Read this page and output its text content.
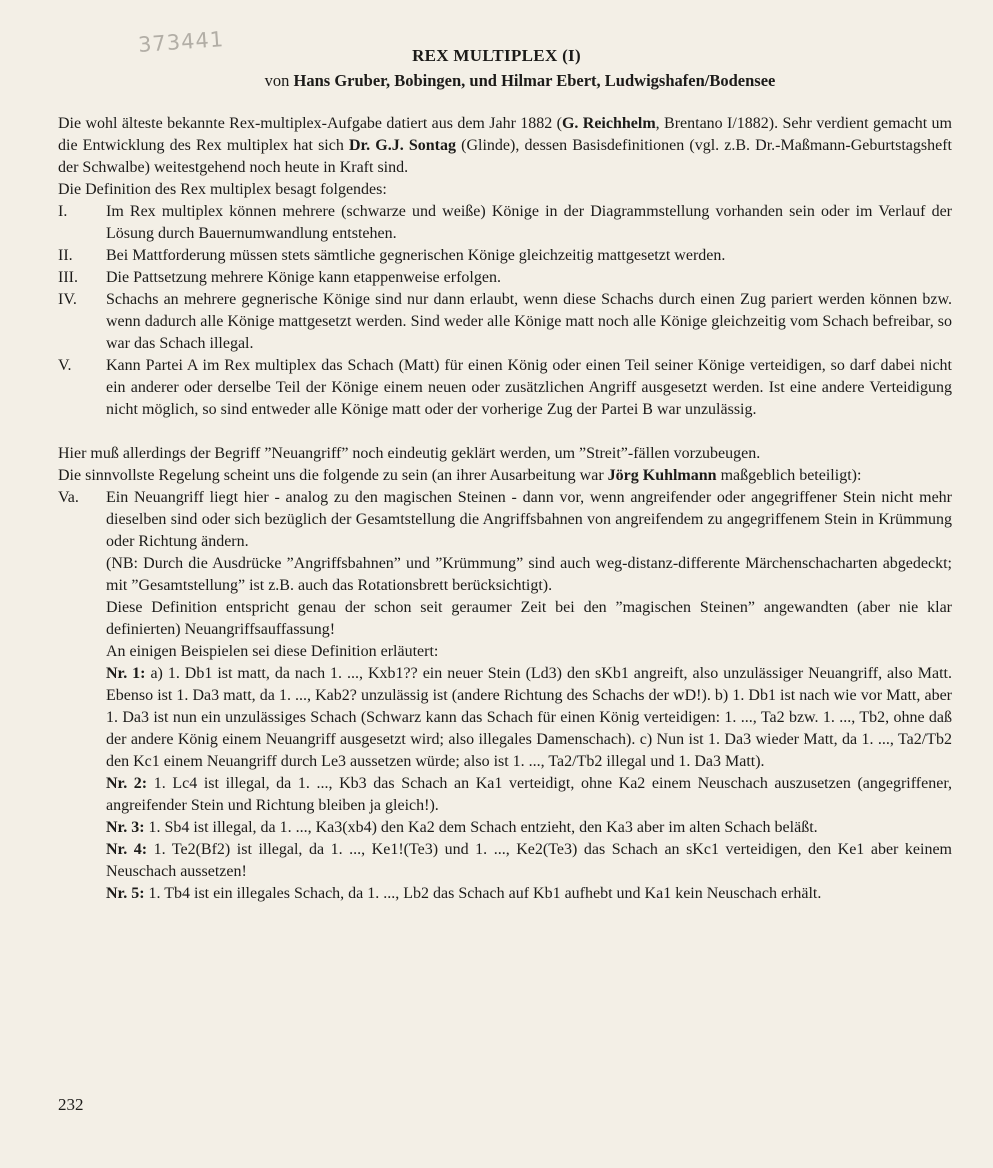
373441	REX MULTIPLEX (I)
von Hans Gruber, Bobingen, und Hilmar Ebert, Ludwigshafen/Bodensee

Die wohl älteste bekannte Rex-multiplex-Aufgabe datiert aus dem Jahr 1882 (G. Reichhelm, Brentano I/1882). Sehr verdient gemacht um die Entwicklung des Rex multiplex hat sich Dr. G.J. Sontag (Glinde), dessen Basisdefinitionen (vgl. z.B. Dr.-Maßmann-Geburtstagsheft der Schwalbe) weitestgehend noch heute in Kraft sind.

Die Definition des Rex multiplex besagt folgendes:

I.	Im Rex multiplex können mehrere (schwarze und weiße) Könige in der Diagrammstellung vorhanden sein oder im Verlauf der Lösung durch Bauernumwandlung entstehen.
II.	Bei Mattforderung müssen stets sämtliche gegnerischen Könige gleichzeitig mattgesetzt werden.
III.	Die Pattsetzung mehrere Könige kann etappenweise erfolgen.
IV.	Schachs an mehrere gegnerische Könige sind nur dann erlaubt, wenn diese Schachs durch einen Zug pariert werden können bzw. wenn dadurch alle Könige mattgesetzt werden. Sind weder alle Könige matt noch alle Könige gleichzeitig vom Schach befreibar, so war das Schach illegal.
V.	Kann Partei A im Rex multiplex das Schach (Matt) für einen König oder einen Teil seiner Könige verteidigen, so darf dabei nicht ein anderer oder derselbe Teil der Könige einem neuen oder zusätzlichen Angriff ausgesetzt werden. Ist eine andere Verteidigung nicht möglich, so sind entweder alle Könige matt oder der vorherige Zug der Partei B war unzulässig.

Hier muß allerdings der Begriff ”Neuangriff” noch eindeutig geklärt werden, um ”Streit”-fällen vorzubeugen.

Die sinnvollste Regelung scheint uns die folgende zu sein (an ihrer Ausarbeitung war Jörg Kuhlmann maßgeblich beteiligt):

Va.	Ein Neuangriff liegt hier - analog zu den magischen Steinen - dann vor, wenn angreifender oder angegriffener Stein nicht mehr dieselben sind oder sich bezüglich der Gesamtstellung die Angriffsbahnen von angreifendem zu angegriffenem Stein in Krümmung oder Richtung ändern.

(NB: Durch die Ausdrücke ”Angriffsbahnen” und ”Krümmung” sind auch weg-distanz-differente Märchenschacharten abgedeckt; mit ”Gesamtstellung” ist z.B. auch das Rotationsbrett berücksichtigt).

Diese Definition entspricht genau der schon seit geraumer Zeit bei den ”magischen Steinen” angewandten (aber nie klar definierten) Neuangriffsauffassung!

An einigen Beispielen sei diese Definition erläutert:

Nr. 1: a) 1. Db1 ist matt, da nach 1. ..., Kxb1?? ein neuer Stein (Ld3) den sKb1 angreift, also unzulässiger Neuangriff, also Matt. Ebenso ist 1. Da3 matt, da 1. ..., Kab2? unzulässig ist (andere Richtung des Schachs der wD!). b) 1. Db1 ist nach wie vor Matt, aber 1. Da3 ist nun ein unzulässiges Schach (Schwarz kann das Schach für einen König verteidigen: 1. ..., Ta2 bzw. 1. ..., Tb2, ohne daß der andere König einem Neuangriff ausgesetzt wird; also illegales Damenschach). c) Nun ist 1. Da3 wieder Matt, da 1. ..., Ta2/Tb2 den Kc1 einem Neuangriff durch Le3 aussetzen würde; also ist 1. ..., Ta2/Tb2 illegal und 1. Da3 Matt).

Nr. 2: 1. Lc4 ist illegal, da 1. ..., Kb3 das Schach an Ka1 verteidigt, ohne Ka2 einem Neuschach auszusetzen (angegriffener, angreifender Stein und Richtung bleiben ja gleich!).

Nr. 3: 1. Sb4 ist illegal, da 1. ..., Ka3(xb4) den Ka2 dem Schach entzieht, den Ka3 aber im alten Schach beläßt.

Nr. 4: 1. Te2(Bf2) ist illegal, da 1. ..., Ke1!(Te3) und 1. ..., Ke2(Te3) das Schach an sKc1 verteidigen, den Ke1 aber keinem Neuschach aussetzen!

Nr. 5: 1. Tb4 ist ein illegales Schach, da 1. ..., Lb2 das Schach auf Kb1 aufhebt und Ka1 kein Neuschach erhält.

232
